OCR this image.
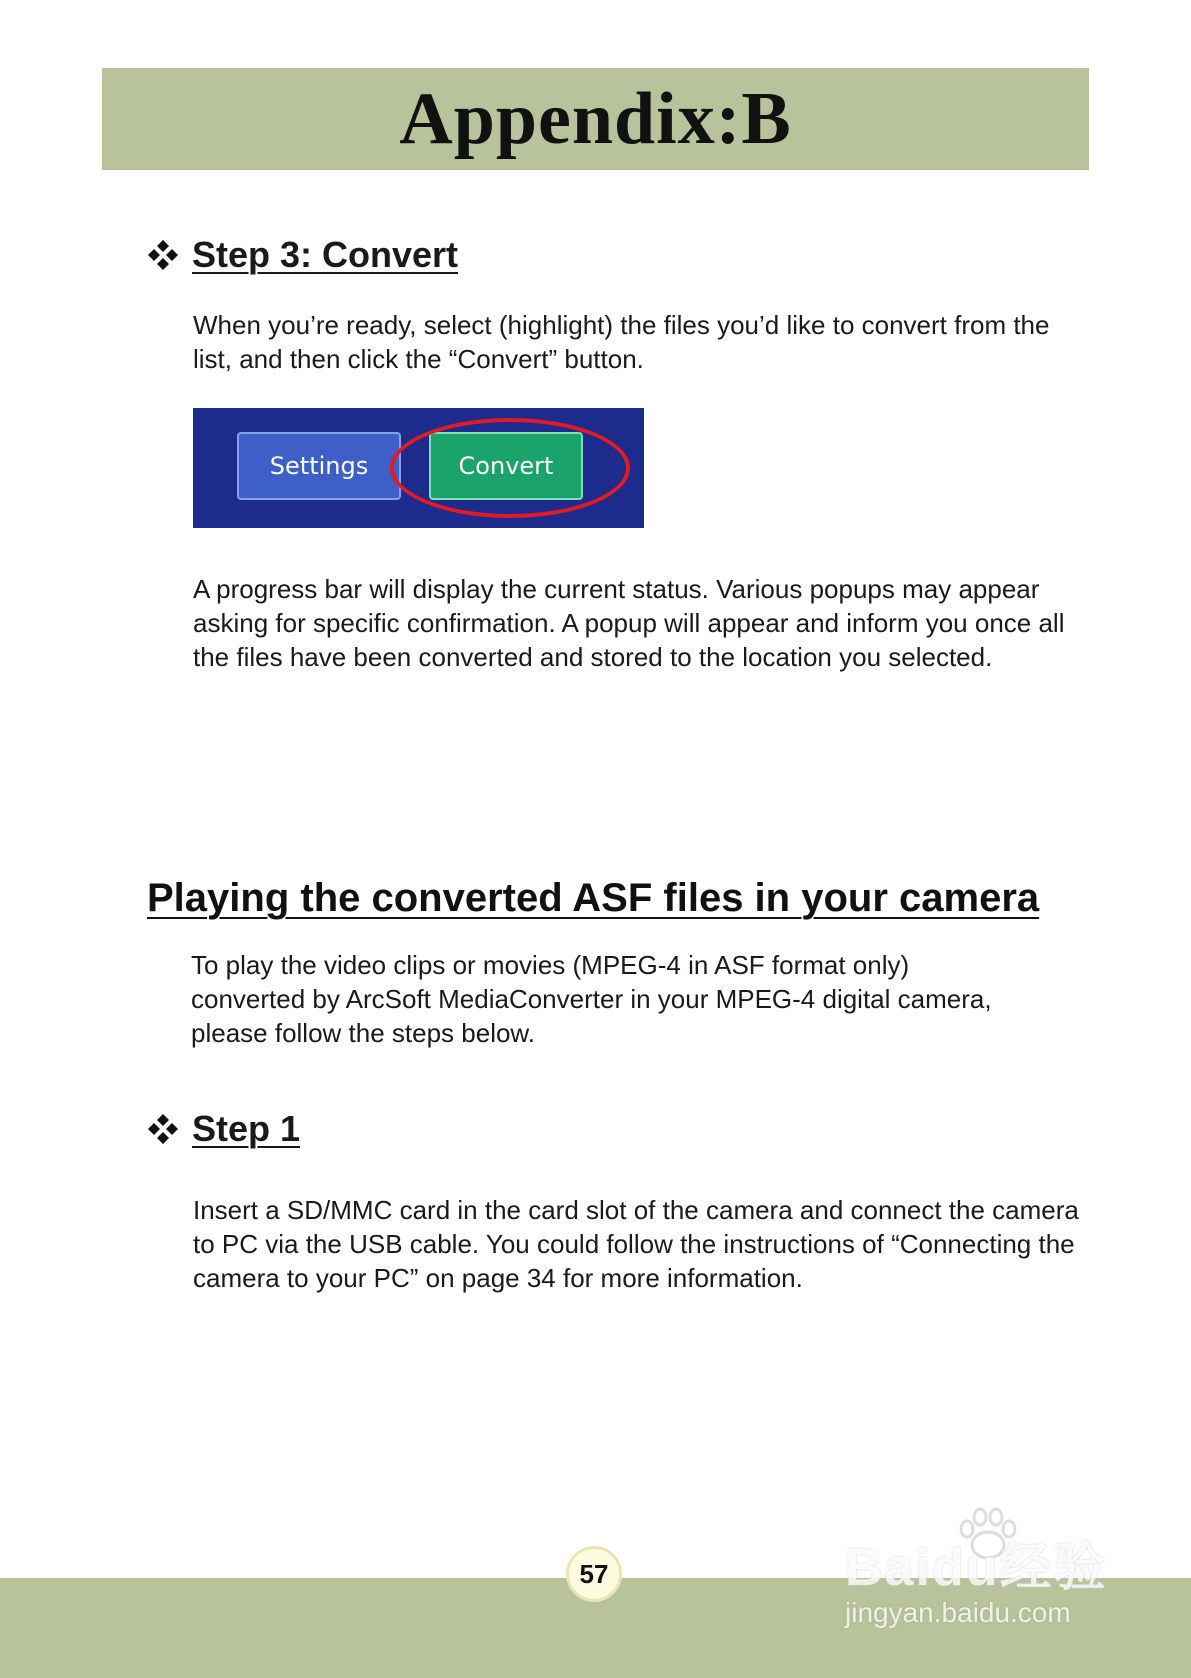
Appendix:B
Step 3: Convert

When you’re ready, select (highlight) the files you’d like to convert from the list, and then click the “Convert” button.

Settings	Convert

A progress bar will display the current status. Various popups may appear asking for specific confirmation. A popup will appear and inform you once all the files have been converted and stored to the location you selected.

Playing the converted ASF files in your camera

To play the video clips or movies (MPEG-4 in ASF format only) converted by ArcSoft MediaConverter in your MPEG-4 digital camera, please follow the steps below.

Step 1

Insert a SD/MMC card in the card slot of the camera and connect the camera to PC via the USB cable. You could follow the instructions of “Connecting the camera to your PC” on page 34 for more information.

57	Baidu经验
jingyan.baidu.com
